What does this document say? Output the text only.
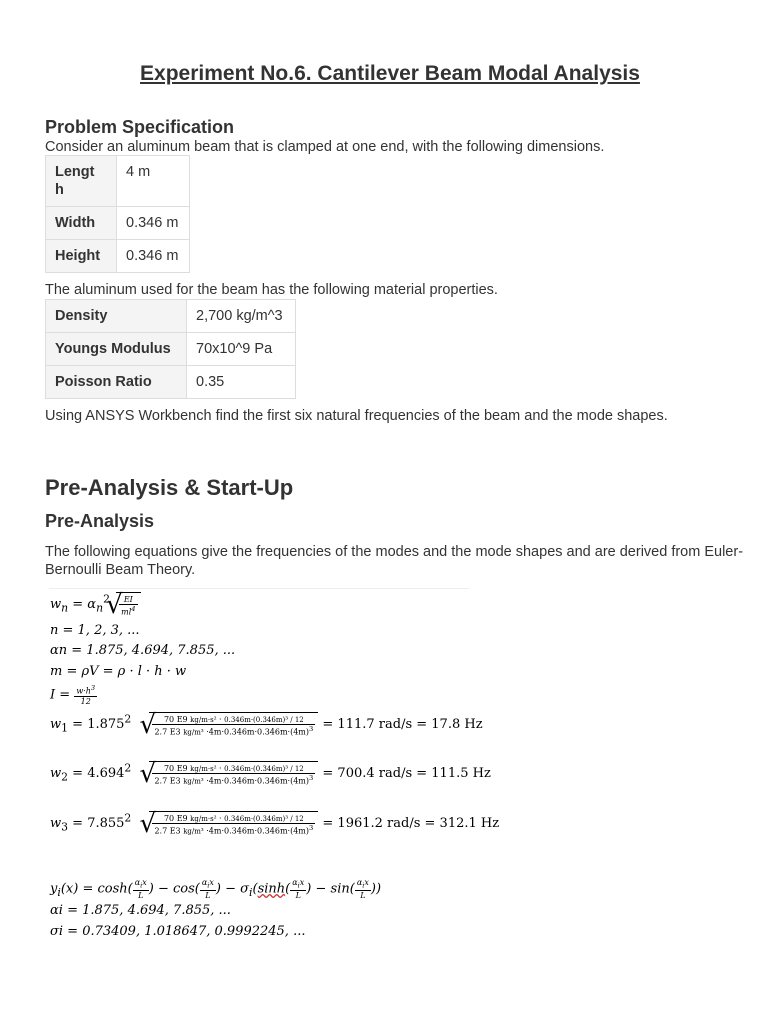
Experiment No.6. Cantilever Beam Modal Analysis
Problem Specification
Consider an aluminum beam that is clamped at one end, with the following dimensions.
Lengt
h	4 m
Width	0.346 m
Height	0.346 m
The aluminum used for the beam has the following material properties.
Density	2,700 kg/m^3
Youngs Modulus	70x10^9 Pa
Poisson Ratio	0.35
Using ANSYS Workbench find the first six natural frequencies of the beam and the mode shapes.
Pre-Analysis & Start-Up
Pre-Analysis
The following equations give the frequencies of the modes and the mode shapes and are derived from Euler-Bernoulli Beam Theory.
$w_n = \alpha_n^2$ √ $\frac{EI}{ml^4}$
n = 1, 2, 3, ...
αn = 1.875, 4.694, 7.855, ...
m = ρV = ρ · l · h · w
$I = \frac{w\cdot h^3}{12}$
$w_1 = 1.875^2$	√ $\frac{\text{70 E9 kg/m·s² · 0.346m·(0.346m)³ / 12}}{2.7 E3 kg/m^3 \cdot 4m\cdot 0.346m\cdot 0.346m\cdot(4m)^3} = 111.7$ rad/s = 17.8 Hz
$w_2 = 4.694^2$	√ $\frac{\text{70 E9 kg/m·s² · 0.346m·(0.346m)³ / 12}}{2.7 E3 kg/m^3 \cdot 4m\cdot 0.346m\cdot 0.346m\cdot(4m)^3} = 700.4$ rad/s = 111.5 Hz
$w_3 = 7.855^2$	√ $\frac{\text{70 E9 kg/m·s² · 0.346m·(0.346m)³ / 12}}{2.7 E3 kg/m^3 \cdot 4m\cdot 0.346m\cdot 0.346m\cdot(4m)^3} = 1961.2$ rad/s = 312.1 Hz
$y_i(x) = \cosh( \frac{\alpha_ix}{L}$ ) − $\cos( \frac{\alpha_ix}{L}$ ) − $\sigma_i(\sinh( \frac{\alpha_ix}{L}$ ) − $\sin( \frac{\alpha_ix}{L}$ ))
αi = 1.875, 4.694, 7.855, ...
σi = 0.73409, 1.018647, 0.9992245, ...
